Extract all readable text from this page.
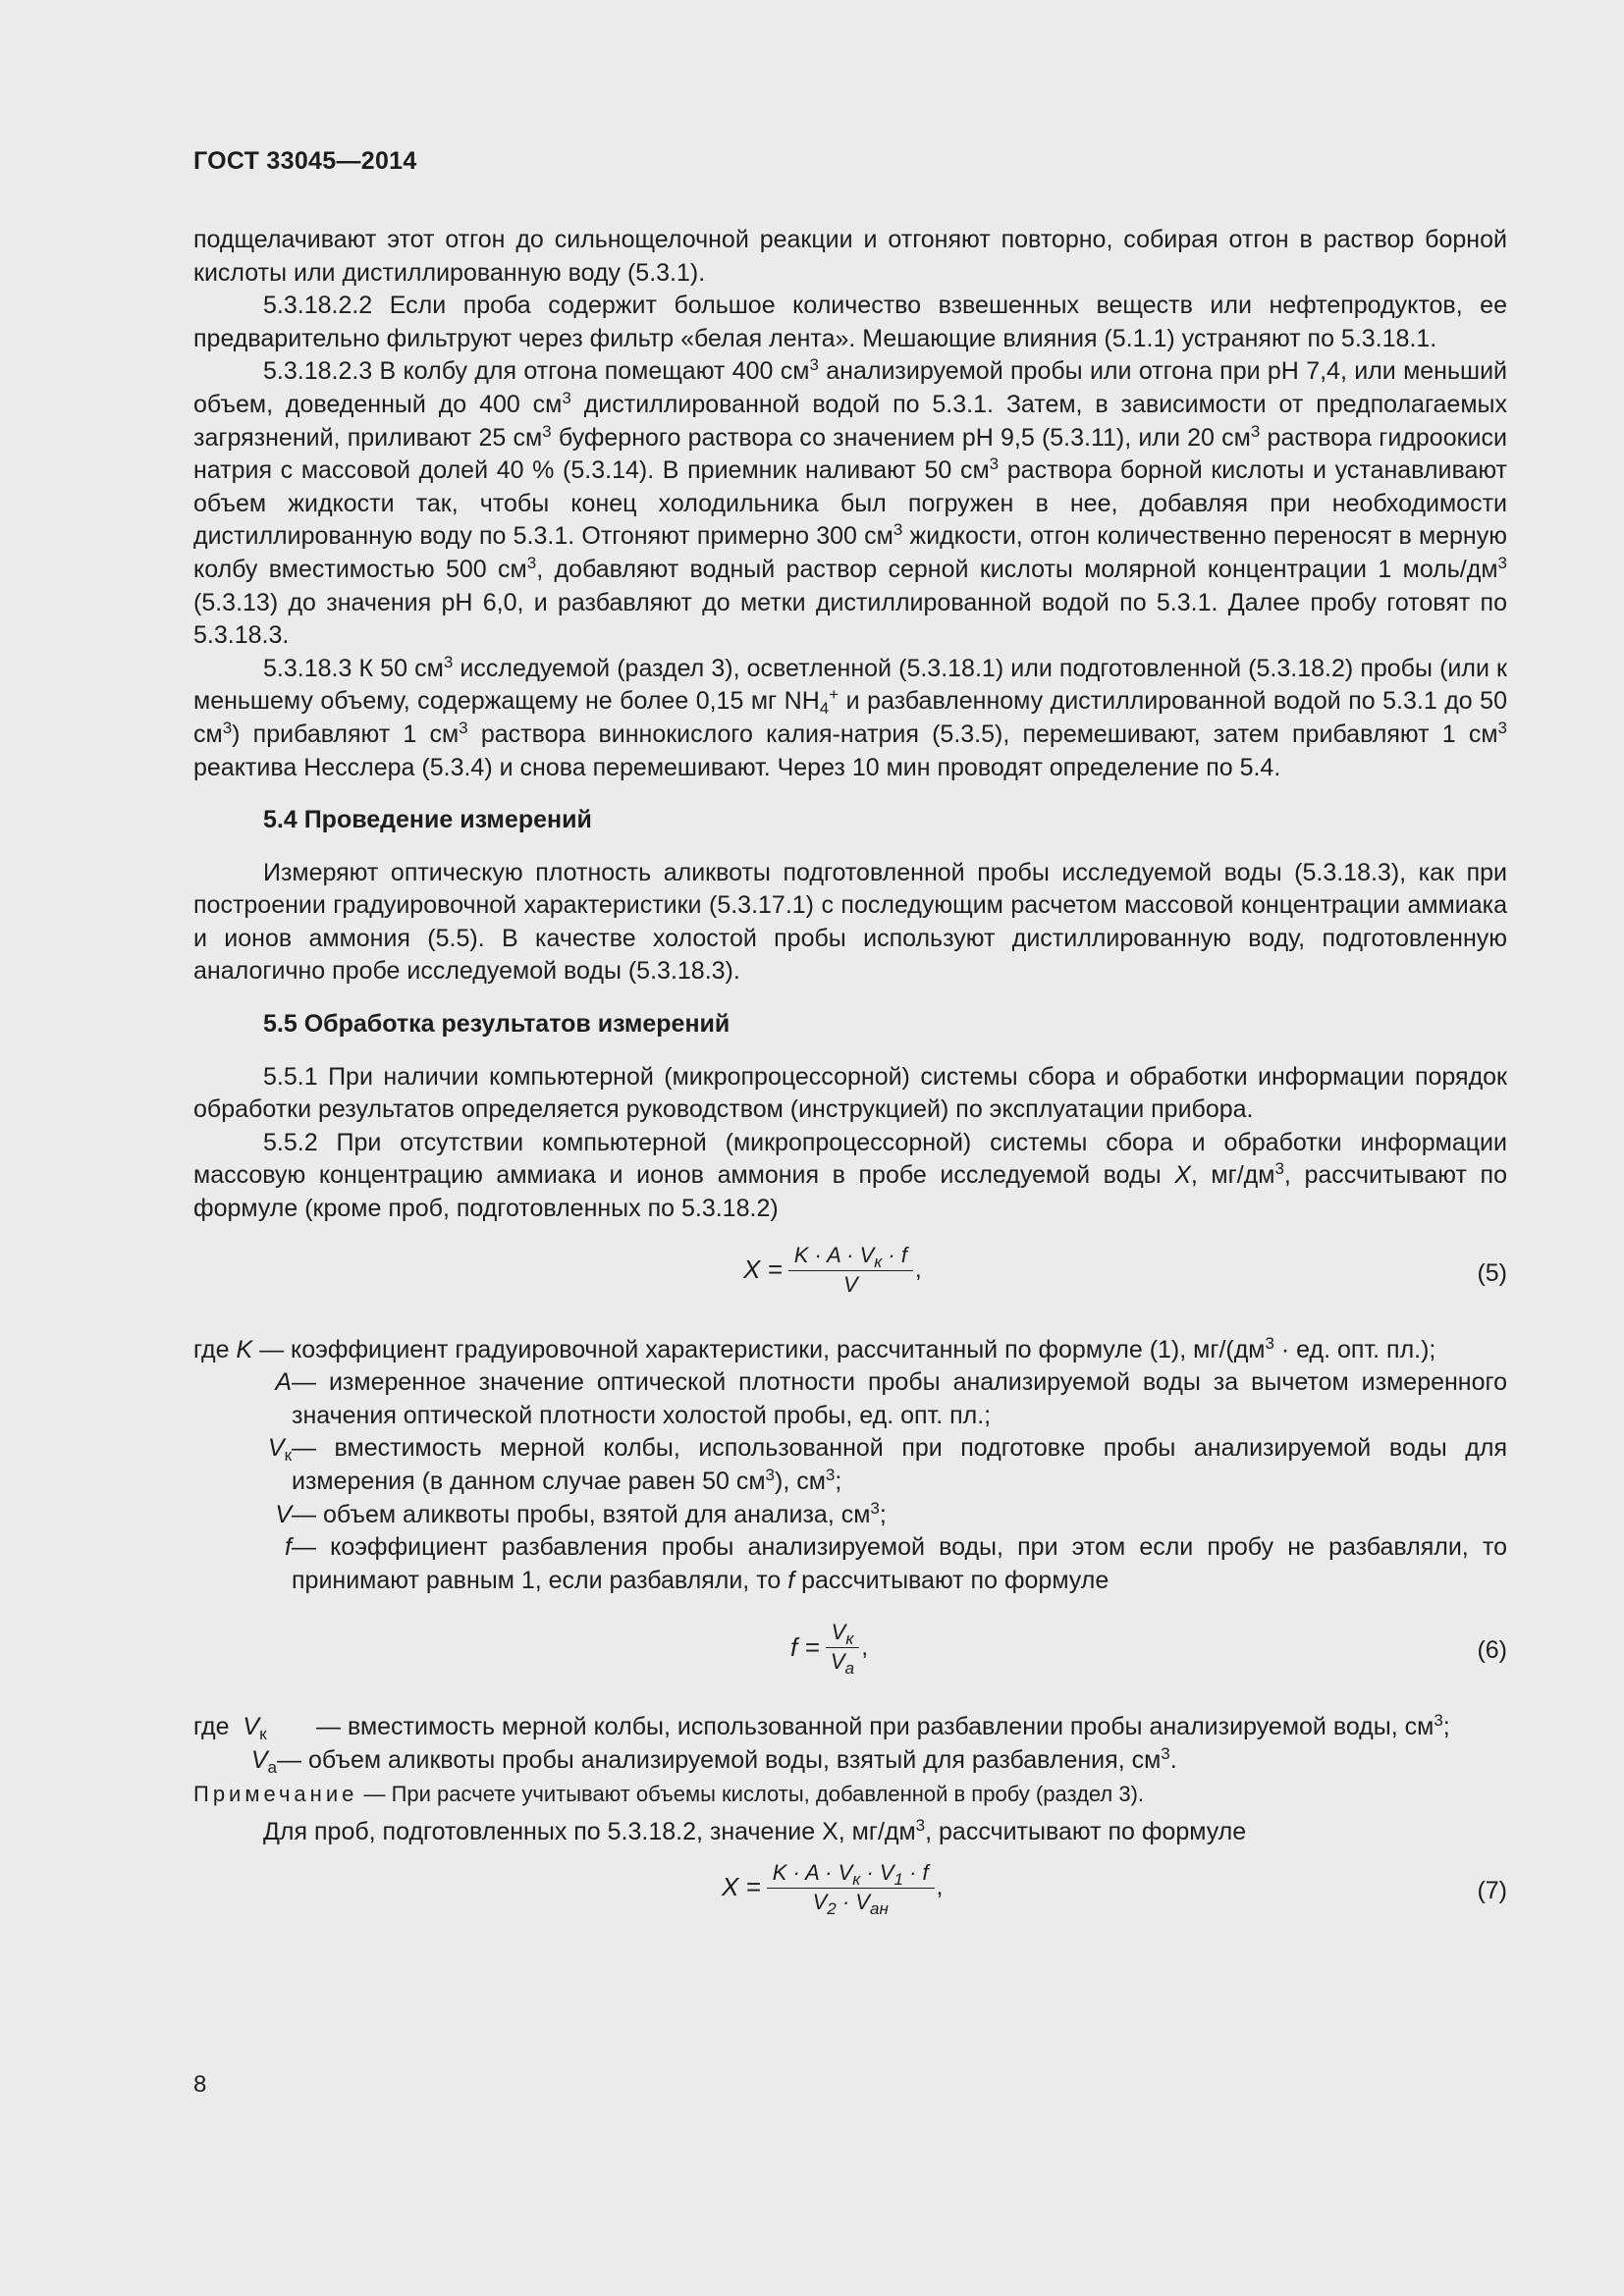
ГОСТ 33045—2014

подщелачивают этот отгон до сильнощелочной реакции и отгоняют повторно, собирая отгон в раствор борной кислоты или дистиллированную воду (5.3.1).

5.3.18.2.2 Если проба содержит большое количество взвешенных веществ или нефтепродуктов, ее предварительно фильтруют через фильтр «белая лента». Мешающие влияния (5.1.1) устраняют по 5.3.18.1.

5.3.18.2.3 В колбу для отгона помещают 400 $см^3$ анализируемой пробы или отгона при pH 7,4, или меньший объем, доведенный до 400 $см^3$ дистиллированной водой по 5.3.1. Затем, в зависимости от предполагаемых загрязнений, приливают 25 $см^3$ буферного раствора со значением pH 9,5 (5.3.11), или 20 $см^3$ раствора гидроокиси натрия с массовой долей 40 % (5.3.14). В приемник наливают 50 $см^3$ раствора борной кислоты и устанавливают объем жидкости так, чтобы конец холодильника был погружен в нее, добавляя при необходимости дистиллированную воду по 5.3.1. Отгоняют примерно 300 $см^3$ жидкости, отгон количественно переносят в мерную колбу вместимостью 500 $см^3$, добавляют водный раствор серной кислоты молярной концентрации 1 моль/$дм^3$ (5.3.13) до значения pH 6,0, и разбавляют до метки дистиллированной водой по 5.3.1. Далее пробу готовят по 5.3.18.3.

5.3.18.3 К 50 $см^3$ исследуемой (раздел 3), осветленной (5.3.18.1) или подготовленной (5.3.18.2) пробы (или к меньшему объему, содержащему не более 0,15 мг $NH_4^+$ и разбавленному дистиллированной водой по 5.3.1 до 50 $см^3$) прибавляют 1 $см^3$ раствора виннокислого калия-натрия (5.3.5), перемешивают, затем прибавляют 1 $см^3$ реактива Несслера (5.3.4) и снова перемешивают. Через 10 мин проводят определение по 5.4.

5.4 Проведение измерений

Измеряют оптическую плотность аликвоты подготовленной пробы исследуемой воды (5.3.18.3), как при построении градуировочной характеристики (5.3.17.1) с последующим расчетом массовой концентрации аммиака и ионов аммония (5.5). В качестве холостой пробы используют дистиллированную воду, подготовленную аналогично пробе исследуемой воды (5.3.18.3).

5.5 Обработка результатов измерений

5.5.1 При наличии компьютерной (микропроцессорной) системы сбора и обработки информации порядок обработки результатов определяется руководством (инструкцией) по эксплуатации прибора.

5.5.2 При отсутствии компьютерной (микропроцессорной) системы сбора и обработки информации массовую концентрацию аммиака и ионов аммония в пробе исследуемой воды X, $мг/дм^3$, рассчитывают по формуле (кроме проб, подготовленных по 5.3.18.2)

$X = \frac{K \cdot A \cdot V_к \cdot f}{V}$ ,	(5)
где K — коэффициент градуировочной характеристики, рассчитанный по формуле (1), $мг/(дм^3$ · ед. опт. пл.);
A — измеренное значение оптической плотности пробы анализируемой воды за вычетом измеренного значения оптической плотности холостой пробы, ед. опт. пл.;
$V_к$ — вместимость мерной колбы, использованной при подготовке пробы анализируемой воды для измерения (в данном случае равен 50 $см^3$), $см^3$;
V — объем аликвоты пробы, взятой для анализа, $см^3$;
f — коэффициент разбавления пробы анализируемой воды, при этом если пробу не разбавляли, то принимают равным 1, если разбавляли, то f рассчитывают по формуле
$f = \frac{V_к}{V_а}$ ,	(6)
где $V_к$	— вместимость мерной колбы, использованной при разбавлении пробы анализируемой воды, $см^3$;
$V_а$ — объем аликвоты пробы анализируемой воды, взятый для разбавления, $см^3$.

Примечание — При расчете учитывают объемы кислоты, добавленной в пробу (раздел 3).

Для проб, подготовленных по 5.3.18.2, значение X, $мг/дм^3$, рассчитывают по формуле

$X = \frac{K \cdot A \cdot V_к \cdot V_1 \cdot f}{V_2 \cdot V_{ан}}$ ,	(7)
8
